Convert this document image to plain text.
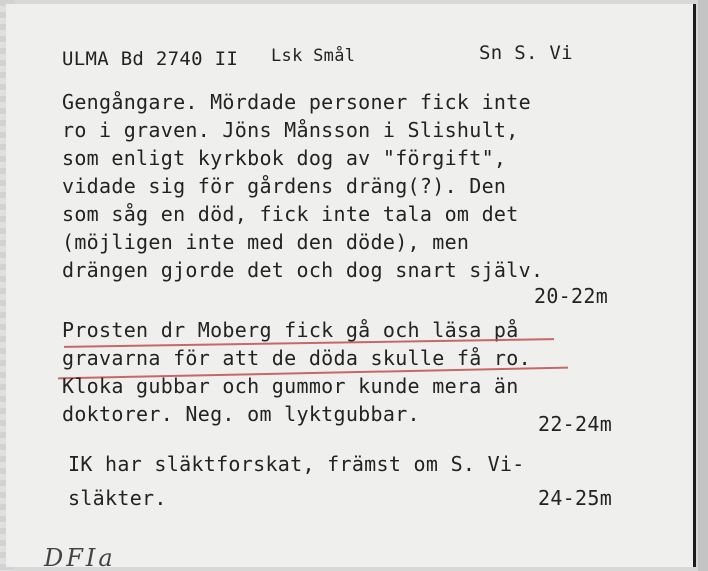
ULMA Bd 2740 II Lsk Smål	Sn S. Vi
Gengångare. Mördade personer fick inte
ro i graven. Jöns Månsson i Slishult,
som enligt kyrkbok dog av "förgift",
vidade sig för gårdens dräng(?). Den
som såg en död, fick inte tala om det
(möjligen inte med den döde), men
drängen gjorde det och dog snart själv.
20-22m
Prosten dr Moberg fick gå och läsa på
gravarna för att de döda skulle få ro.
Kloka gubbar och gummor kunde mera än
doktorer. Neg. om lyktgubbar.	22-24m
IK har släktforskat, främst om S. Vi-
släkter.	24-25m
DFIa
